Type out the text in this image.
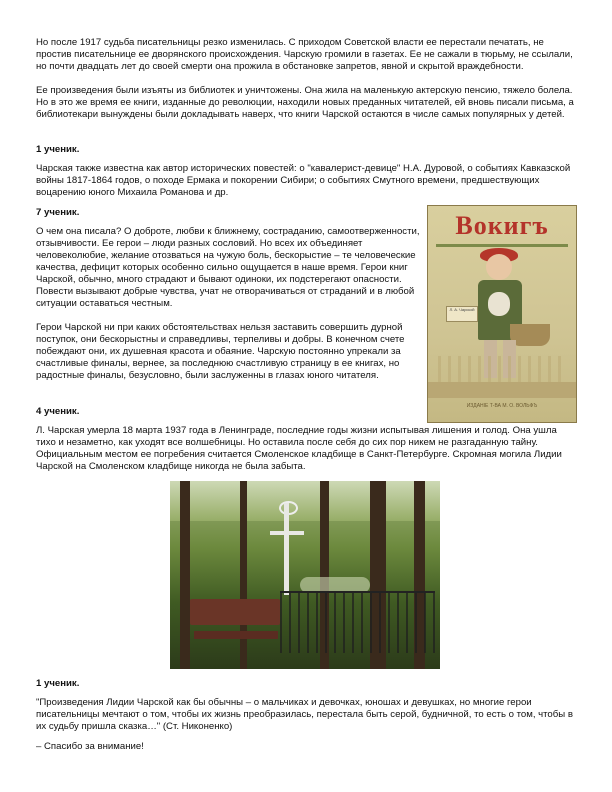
Но после 1917 судьба писательницы резко изменилась. С приходом Советской власти ее перестали печатать, не простив писательнице ее дворянского происхождения. Чарскую громили в газетах. Ее не сажали в тюрьму, не ссылали, но почти двадцать лет до своей смерти она прожила в обстановке запретов, явной и скрытой враждебности.

Ее произведения были изъяты из библиотек и уничтожены. Она жила на маленькую актерскую пенсию, тяжело болела. Но в это же время ее книги, изданные до революции, находили новых преданных читателей, ей вновь писали письма, а библиотекари вынуждены были докладывать наверх, что книги Чарской остаются в числе самых популярных у детей.

1 ученик.

Чарская также известна как автор исторических повестей: о "кавалерист-девице" Н.А. Дуровой, о событиях Кавказской войны 1817-1864 годов, о походе Ермака и покорении Сибири; о событиях Смутного времени, предшествующих воцарению юного Михаила Романова и др.

7 ученик.

О чем она писала? О доброте, любви к ближнему, состраданию, самоотверженности, отзывчивости. Ее герои – люди разных сословий. Но всех их объединяет человеколюбие, желание отозваться на чужую боль, бескорыстие – те человеческие качества, дефицит которых особенно сильно ощущается в наше время. Герои книг Чарской, обычно, много страдают и бывают одиноки, их подстерегают опасности. Повести вызывают добрые чувства, учат не отворачиваться от страданий и в любой ситуации оставаться честным.

Герои Чарской ни при каких обстоятельствах нельзя заставить совершить дурной поступок, они бескорыстны и справедливы, терпеливы и добры. В конечном счете побеждают они, их душевная красота и обаяние. Чарскую постоянно упрекали за счастливые финалы, вернее, за последнюю счастливую страницу в ее книгах, но радостные финалы, безусловно, были заслуженны в глазах юного читателя.

4 ученик.

Л. Чарская умерла 18 марта 1937 года в Ленинграде, последние годы жизни испытывая лишения и голод. Она ушла тихо и незаметно, как уходят все волшебницы. Но оставила после себя до сих пор никем не разгаданную тайну. Официальным местом ее погребения считается Смоленское кладбище в Санкт-Петербурге. Скромная могила Лидии Чарской на Смоленском кладбище никогда не была забыта.

Вокигъ
Л. А. Чарской
ИЗДАНІЕ Т-ВА М. О. ВОЛЬФЪ

1 ученик.

"Произведения Лидии Чарской как бы обычны – о мальчиках и девочках, юношах и девушках, но многие герои писательницы мечтают о том, чтобы их жизнь преобразилась, перестала быть серой, будничной, то есть о том, чтобы в их судьбу пришла сказка…" (Ст. Никоненко)

– Спасибо за внимание!
